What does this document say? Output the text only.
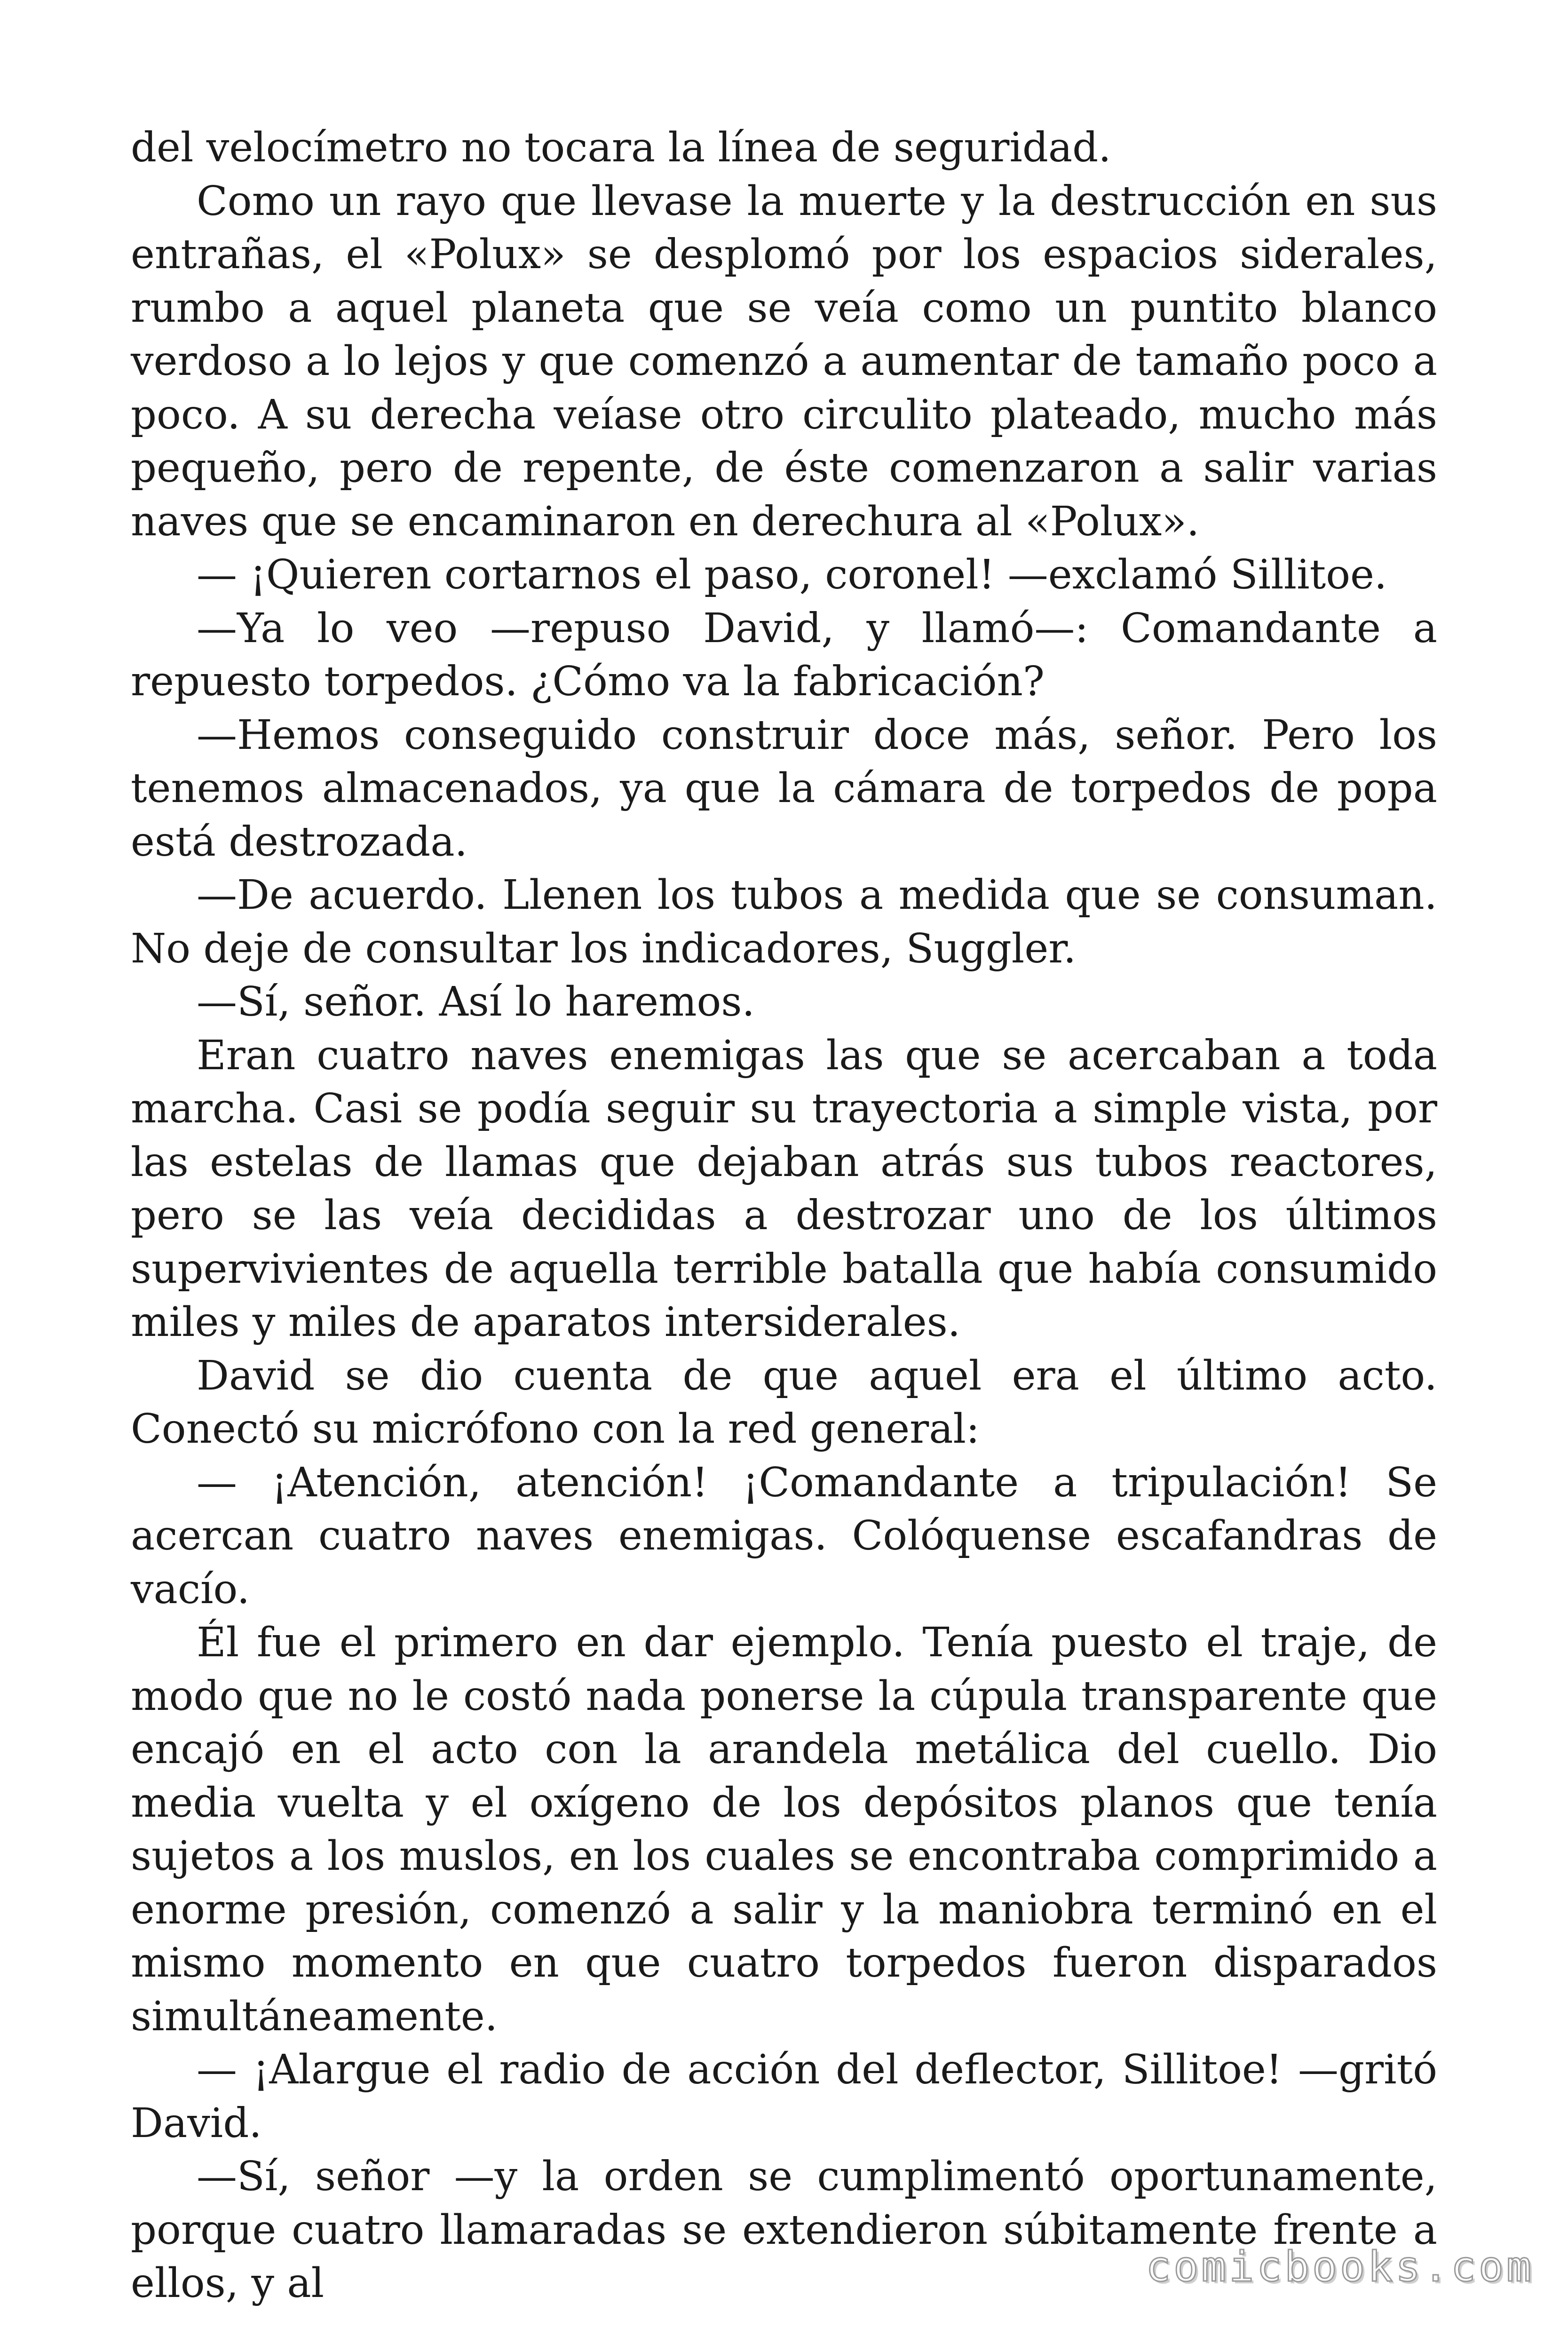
del velocímetro no tocara la línea de seguridad.

Como un rayo que llevase la muerte y la destrucción en sus entrañas, el «Polux» se desplomó por los espacios siderales, rumbo a aquel planeta que se veía como un puntito blanco verdoso a lo lejos y que comenzó a aumentar de tamaño poco a poco. A su derecha veíase otro circulito plateado, mucho más pequeño, pero de repente, de éste comenzaron a salir varias naves que se encaminaron en derechura al «Polux».

— ¡Quieren cortarnos el paso, coronel! —exclamó Sillitoe.

—Ya lo veo —repuso David, y llamó—: Comandante a repuesto torpedos. ¿Cómo va la fabricación?

—Hemos conseguido construir doce más, señor. Pero los tenemos almacenados, ya que la cámara de torpedos de popa está destrozada.

—De acuerdo. Llenen los tubos a medida que se consuman. No deje de consultar los indicadores, Suggler.

—Sí, señor. Así lo haremos.

Eran cuatro naves enemigas las que se acercaban a toda marcha. Casi se podía seguir su trayectoria a simple vista, por las estelas de llamas que dejaban atrás sus tubos reactores, pero se las veía decididas a destrozar uno de los últimos supervivientes de aquella terrible batalla que había consumido miles y miles de aparatos intersiderales.

David se dio cuenta de que aquel era el último acto. Conectó su micrófono con la red general:

— ¡Atención, atención! ¡Comandante a tripulación! Se acercan cuatro naves enemigas. Colóquense escafandras de vacío.

Él fue el primero en dar ejemplo. Tenía puesto el traje, de modo que no le costó nada ponerse la cúpula transparente que encajó en el acto con la arandela metálica del cuello. Dio media vuelta y el oxígeno de los depósitos planos que tenía sujetos a los muslos, en los cuales se encontraba comprimido a enorme presión, comenzó a salir y la maniobra terminó en el mismo momento en que cuatro torpedos fueron disparados simultáneamente.

— ¡Alargue el radio de acción del deflector, Sillitoe! —gritó David.

—Sí, señor —y la orden se cumplimentó oportunamente, porque cuatro llamaradas se extendieron súbitamente frente a ellos, y al	comicbooks.com
